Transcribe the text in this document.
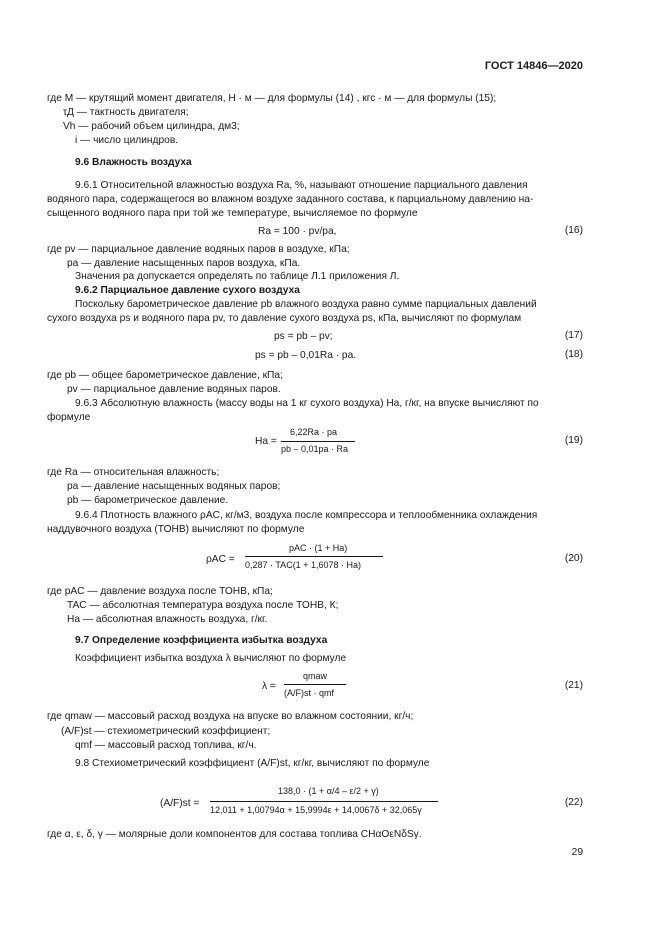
ГОСТ 14846—2020
где M — крутящий момент двигателя, Н · м — для формулы (14) , кгс · м — для формулы (15);
τД — тактность двигателя;
Vh — рабочий объем цилиндра, дм3;
i — число цилиндров.
9.6 Влажность воздуха
9.6.1 Относительной влажностью воздуха Ra, %, называют отношение парциального давления
водяного пара, содержащегося во влажном воздухе заданного состава, к парциальному давлению на-
сыщенного водяного пара при той же температуре, вычисляемое по формуле
Ra = 100 · pv/pa,	(16)
где pv — парциальное давление водяных паров в воздухе, кПа;
pa — давление насыщенных паров воздуха, кПа.
Значения pa допускается определять по таблице Л.1 приложения Л.
9.6.2 Парциальное давление сухого воздуха
Поскольку барометрическое давление pb влажного воздуха равно сумме парциальных давлений
сухого воздуха ps и водяного пара pv, то давление сухого воздуха ps, кПа, вычисляют по формулам
ps = pb – pv;	(17)
ps = pb – 0,01Ra · pa.	(18)
где pb — общее барометрическое давление, кПа;
pv — парциальное давление водяных паров.
9.6.3 Абсолютную влажность (массу воды на 1 кг сухого воздуха) Ha, г/кг, на впуске вычисляют по
формуле
Ha =
6,22Ra · pa
pb – 0,01pa · Ra
(19)
где Ra — относительная влажность;
pa — давление насыщенных водяных паров;
pb — барометрическое давление.
9.6.4 Плотность влажного ρAC, кг/м3, воздуха после компрессора и теплообменника охлаждения
наддувочного воздуха (ТОНВ) вычисляют по формуле
ρAC =
pAC · (1 + Ha)
0,287 · TAC(1 + 1,6078 · Ha)
(20)
где pAC — давление воздуха после ТОНВ, кПа;
TAC — абсолютная температура воздуха после ТОНВ, К;
Ha — абсолютная влажность воздуха, г/кг.
9.7 Определение коэффициента избытка воздуха
Коэффициент избытка воздуха λ вычисляют по формуле
λ =
qmaw
(A/F)st · qmf
(21)
где qmaw — массовый расход воздуха на впуске во влажном состоянии, кг/ч;
(A/F)st — стехиометрический коэффициент;
qmf — массовый расход топлива, кг/ч.
9.8 Стехиометрический коэффициент (A/F)st, кг/кг, вычисляют по формуле
(A/F)st =
138,0 · (1 + α/4 – ε/2 + γ)
12,011 + 1,00794α + 15,9994ε + 14,0067δ + 32,065γ
(22)
где α, ε, δ, γ — молярные доли компонентов для состава топлива CHαOεNδSγ.
29
